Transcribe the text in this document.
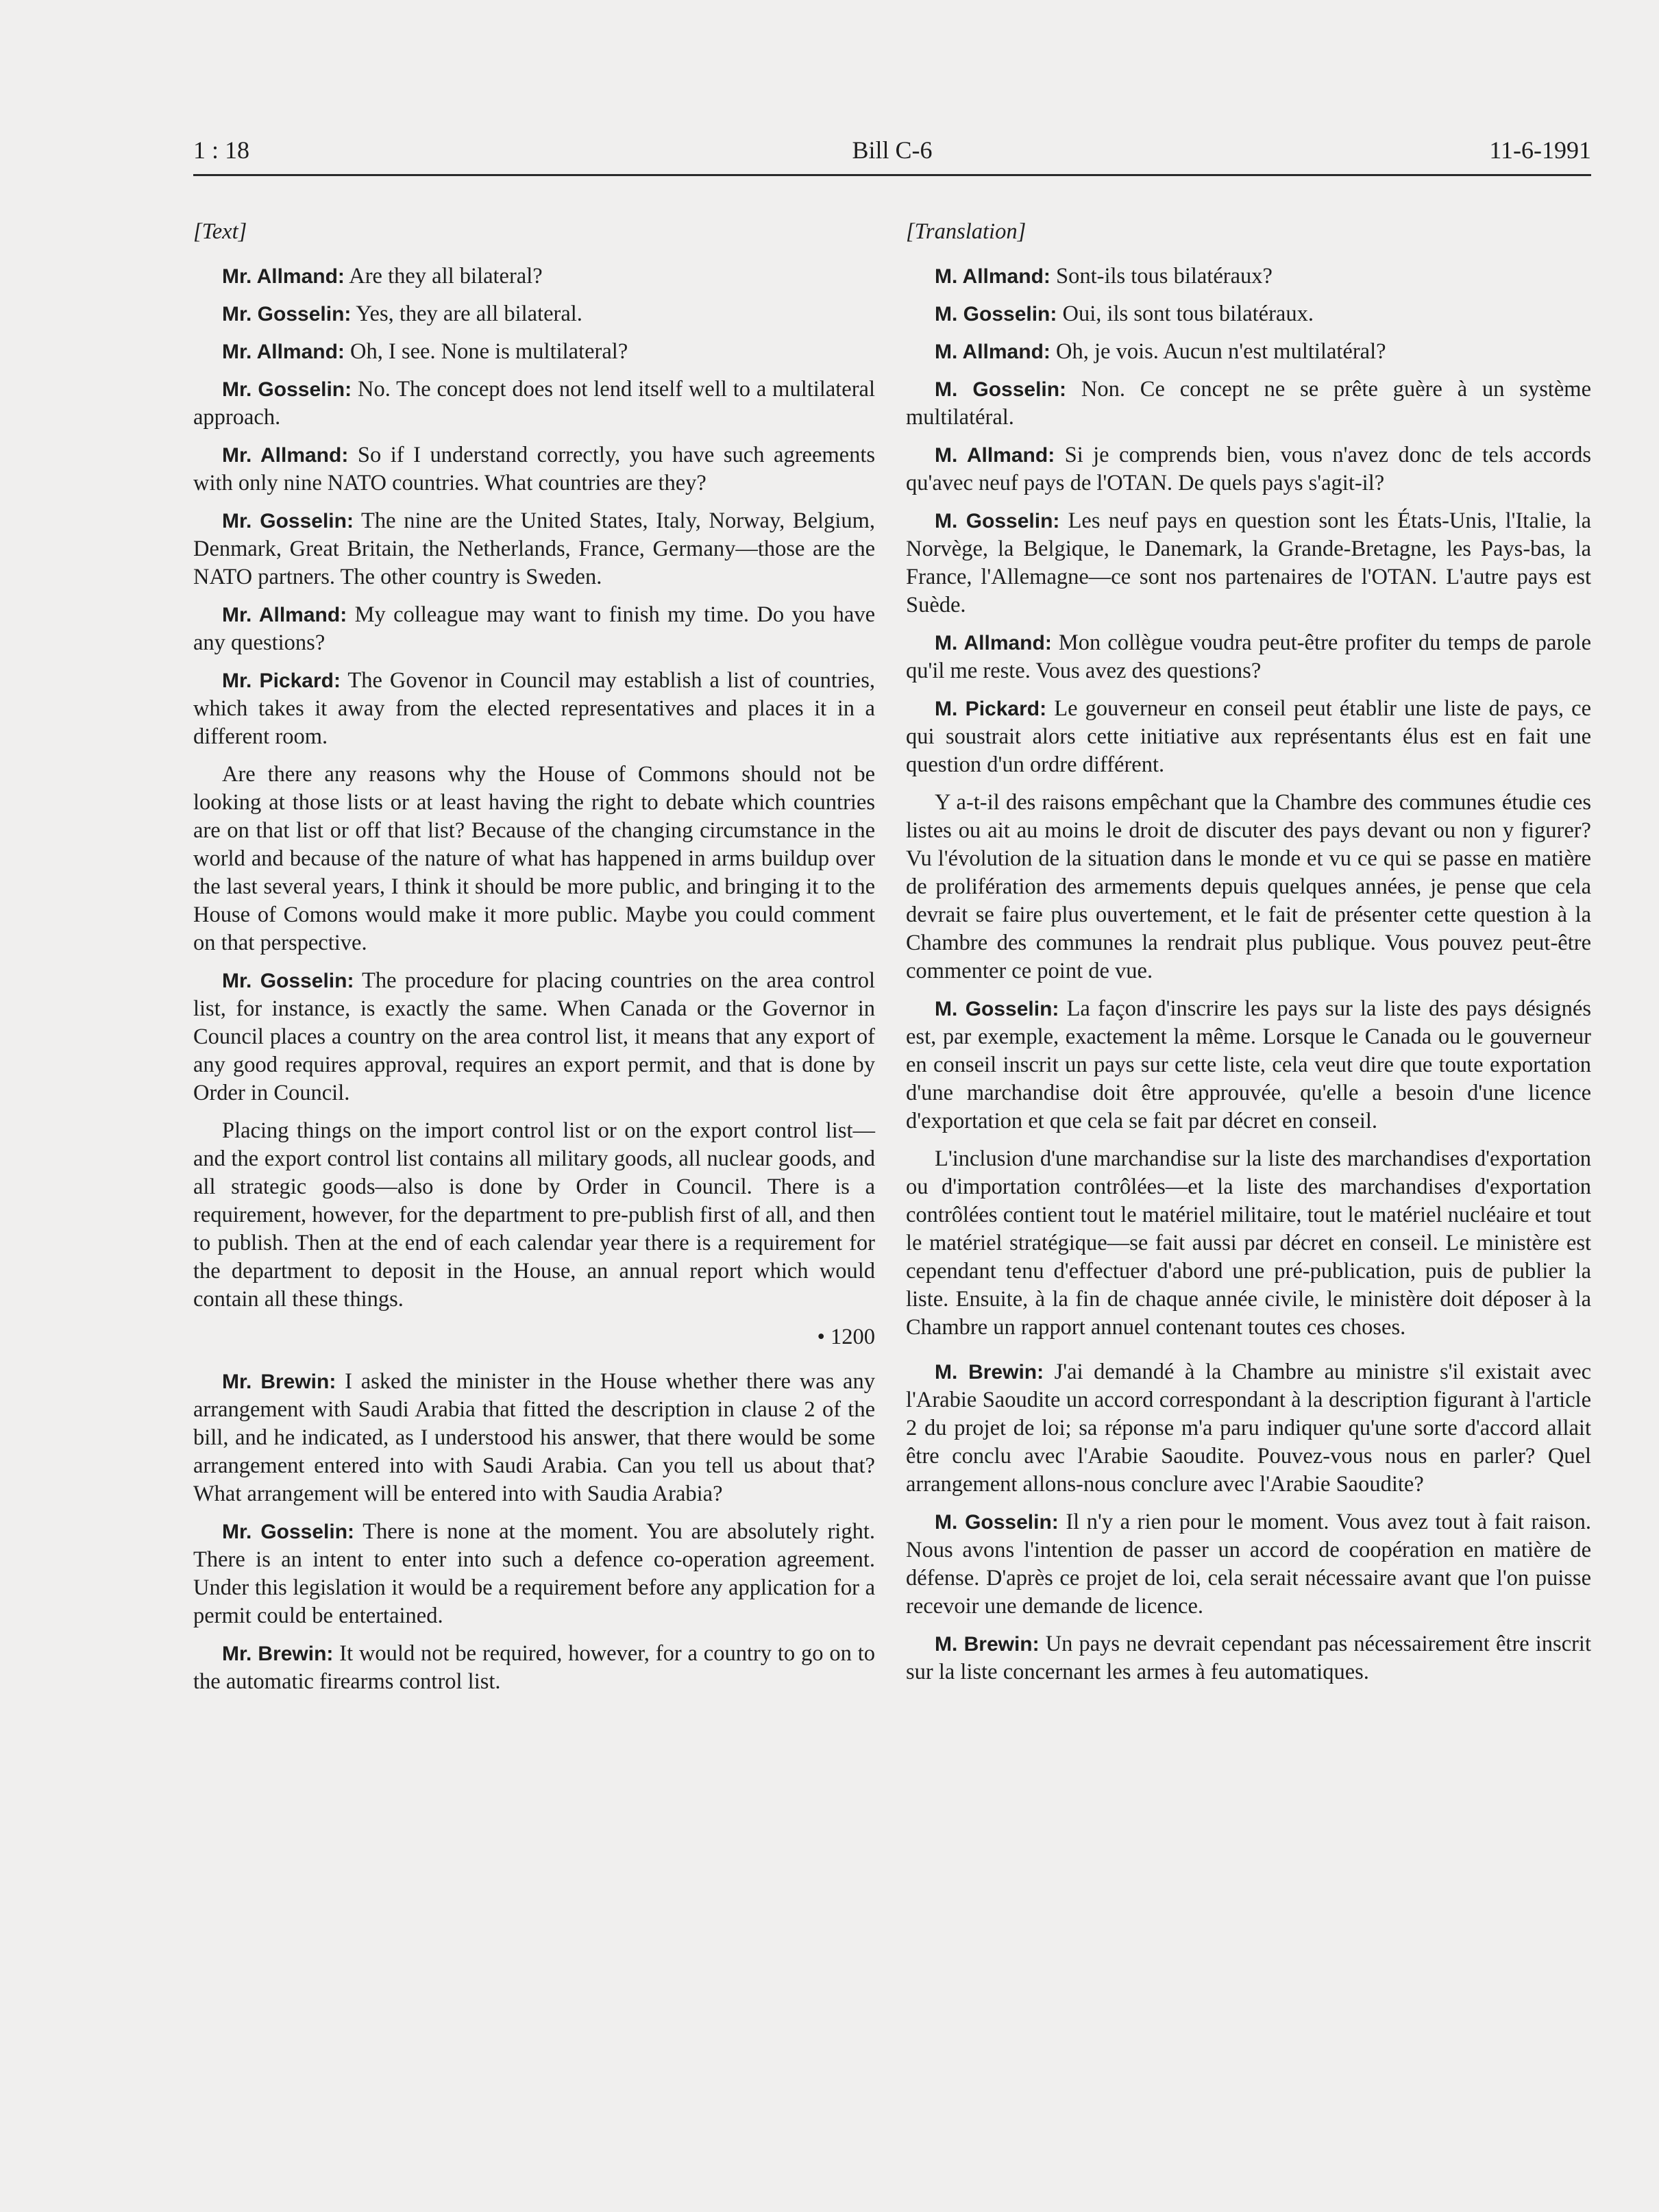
1 : 18	Bill C-6	11-6-1991
[Text]

Mr. Allmand: Are they all bilateral?

Mr. Gosselin: Yes, they are all bilateral.

Mr. Allmand: Oh, I see. None is multilateral?

Mr. Gosselin: No. The concept does not lend itself well to a multilateral approach.

Mr. Allmand: So if I understand correctly, you have such agreements with only nine NATO countries. What countries are they?

Mr. Gosselin: The nine are the United States, Italy, Norway, Belgium, Denmark, Great Britain, the Netherlands, France, Germany—those are the NATO partners. The other country is Sweden.

Mr. Allmand: My colleague may want to finish my time. Do you have any questions?

Mr. Pickard: The Govenor in Council may establish a list of countries, which takes it away from the elected representatives and places it in a different room.

Are there any reasons why the House of Commons should not be looking at those lists or at least having the right to debate which countries are on that list or off that list? Because of the changing circumstance in the world and because of the nature of what has happened in arms buildup over the last several years, I think it should be more public, and bringing it to the House of Comons would make it more public. Maybe you could comment on that perspective.

Mr. Gosselin: The procedure for placing countries on the area control list, for instance, is exactly the same. When Canada or the Governor in Council places a country on the area control list, it means that any export of any good requires approval, requires an export permit, and that is done by Order in Council.

Placing things on the import control list or on the export control list—and the export control list contains all military goods, all nuclear goods, and all strategic goods—also is done by Order in Council. There is a requirement, however, for the department to pre-publish first of all, and then to publish. Then at the end of each calendar year there is a requirement for the department to deposit in the House, an annual report which would contain all these things.

• 1200

Mr. Brewin: I asked the minister in the House whether there was any arrangement with Saudi Arabia that fitted the description in clause 2 of the bill, and he indicated, as I understood his answer, that there would be some arrangement entered into with Saudi Arabia. Can you tell us about that? What arrangement will be entered into with Saudia Arabia?

Mr. Gosselin: There is none at the moment. You are absolutely right. There is an intent to enter into such a defence co-operation agreement. Under this legislation it would be a requirement before any application for a permit could be entertained.

Mr. Brewin: It would not be required, however, for a country to go on to the automatic firearms control list.

[Translation]

M. Allmand: Sont-ils tous bilatéraux?

M. Gosselin: Oui, ils sont tous bilatéraux.

M. Allmand: Oh, je vois. Aucun n'est multilatéral?

M. Gosselin: Non. Ce concept ne se prête guère à un système multilatéral.

M. Allmand: Si je comprends bien, vous n'avez donc de tels accords qu'avec neuf pays de l'OTAN. De quels pays s'agit-il?

M. Gosselin: Les neuf pays en question sont les États-Unis, l'Italie, la Norvège, la Belgique, le Danemark, la Grande-Bretagne, les Pays-bas, la France, l'Allemagne—ce sont nos partenaires de l'OTAN. L'autre pays est Suède.

M. Allmand: Mon collègue voudra peut-être profiter du temps de parole qu'il me reste. Vous avez des questions?

M. Pickard: Le gouverneur en conseil peut établir une liste de pays, ce qui soustrait alors cette initiative aux représentants élus est en fait une question d'un ordre différent.

Y a-t-il des raisons empêchant que la Chambre des communes étudie ces listes ou ait au moins le droit de discuter des pays devant ou non y figurer? Vu l'évolution de la situation dans le monde et vu ce qui se passe en matière de prolifération des armements depuis quelques années, je pense que cela devrait se faire plus ouvertement, et le fait de présenter cette question à la Chambre des communes la rendrait plus publique. Vous pouvez peut-être commenter ce point de vue.

M. Gosselin: La façon d'inscrire les pays sur la liste des pays désignés est, par exemple, exactement la même. Lorsque le Canada ou le gouverneur en conseil inscrit un pays sur cette liste, cela veut dire que toute exportation d'une marchandise doit être approuvée, qu'elle a besoin d'une licence d'exportation et que cela se fait par décret en conseil.

L'inclusion d'une marchandise sur la liste des marchandises d'exportation ou d'importation contrôlées—et la liste des marchandises d'exportation contrôlées contient tout le matériel militaire, tout le matériel nucléaire et tout le matériel stratégique—se fait aussi par décret en conseil. Le ministère est cependant tenu d'effectuer d'abord une pré-publication, puis de publier la liste. Ensuite, à la fin de chaque année civile, le ministère doit déposer à la Chambre un rapport annuel contenant toutes ces choses.

M. Brewin: J'ai demandé à la Chambre au ministre s'il existait avec l'Arabie Saoudite un accord correspondant à la description figurant à l'article 2 du projet de loi; sa réponse m'a paru indiquer qu'une sorte d'accord allait être conclu avec l'Arabie Saoudite. Pouvez-vous nous en parler? Quel arrangement allons-nous conclure avec l'Arabie Saoudite?

M. Gosselin: Il n'y a rien pour le moment. Vous avez tout à fait raison. Nous avons l'intention de passer un accord de coopération en matière de défense. D'après ce projet de loi, cela serait nécessaire avant que l'on puisse recevoir une demande de licence.

M. Brewin: Un pays ne devrait cependant pas nécessairement être inscrit sur la liste concernant les armes à feu automatiques.
